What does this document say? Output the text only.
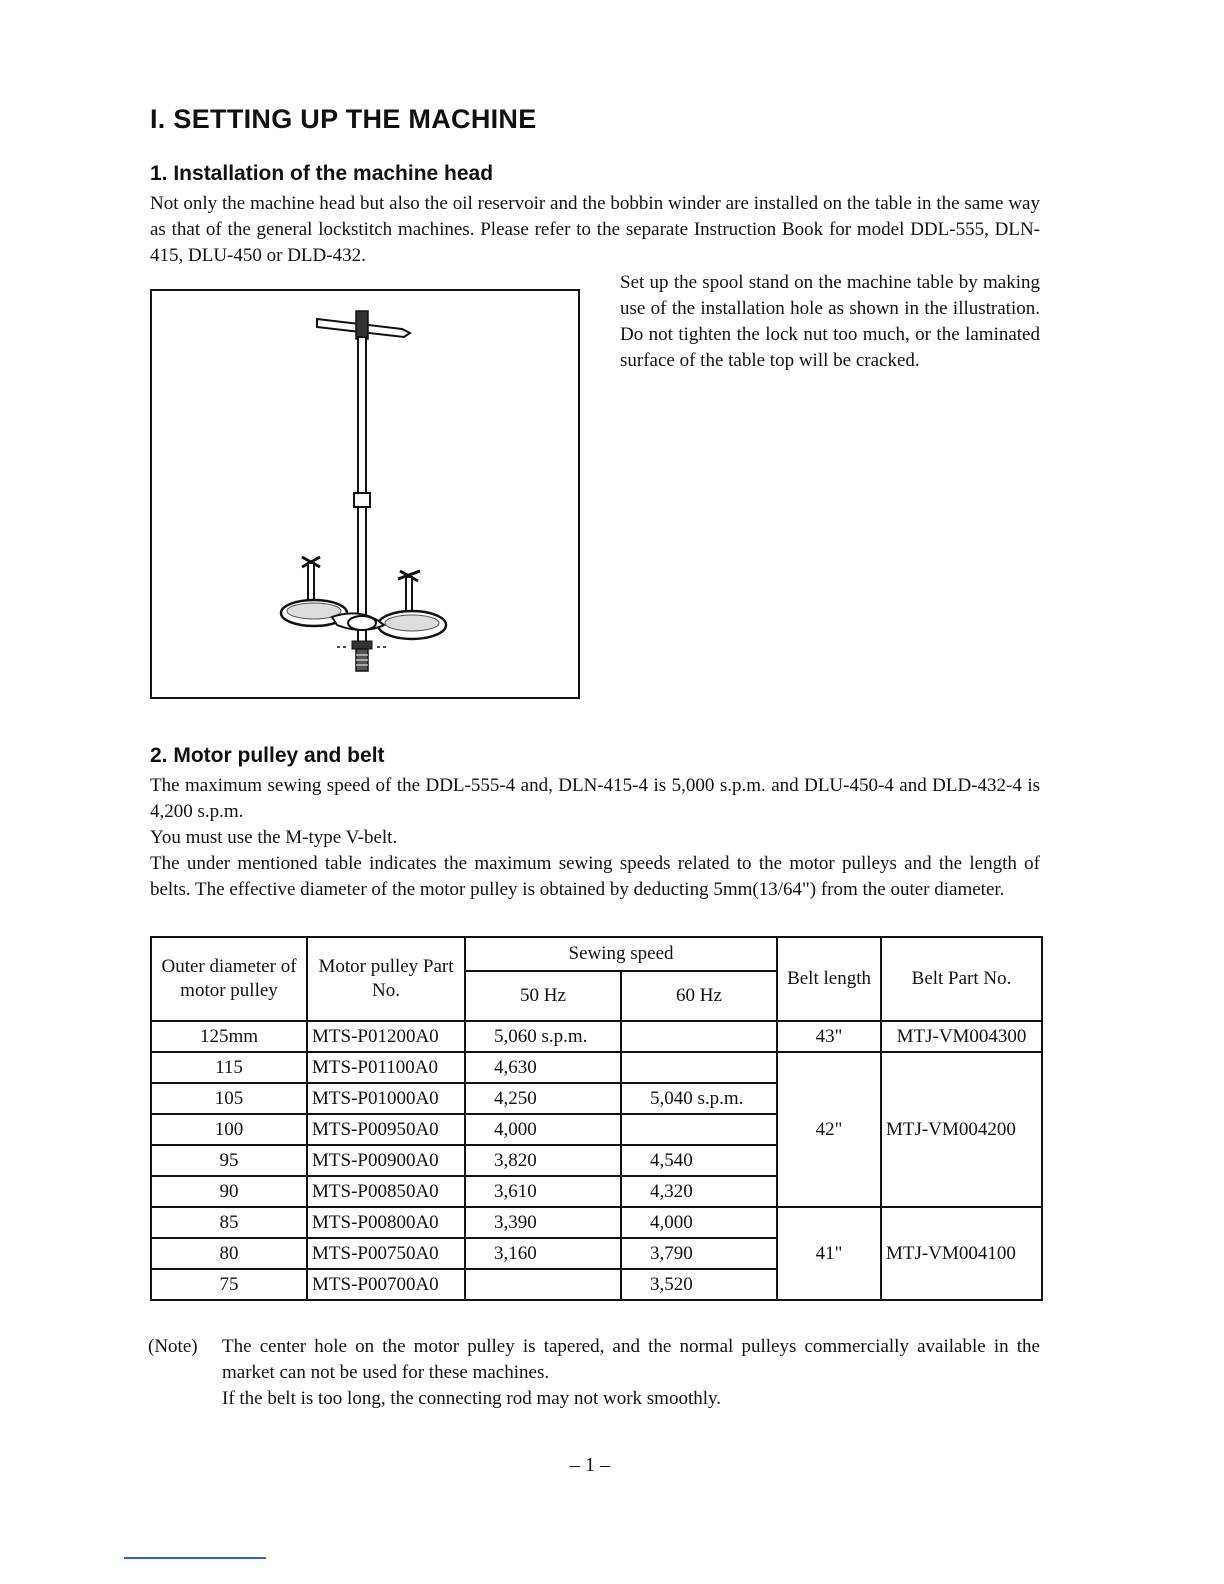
I. SETTING UP THE MACHINE
1. Installation of the machine head

Not only the machine head but also the oil reservoir and the bobbin winder are installed on the table in the same way as that of the general lockstitch machines. Please refer to the separate Instruction Book for model DDL-555, DLN-415, DLU-450 or DLD-432.

Set up the spool stand on the machine table by making use of the installation hole as shown in the illustration. Do not tighten the lock nut too much, or the laminated surface of the table top will be cracked.
2. Motor pulley and belt

The maximum sewing speed of the DDL-555-4 and, DLN-415-4 is 5,000 s.p.m. and DLU-450-4 and DLD-432-4 is 4,200 s.p.m.

You must use the M-type V-belt.

The under mentioned table indicates the maximum sewing speeds related to the motor pulleys and the length of belts. The effective diameter of the motor pulley is obtained by deducting 5mm(13/64") from the outer diameter.

Outer diameter of motor pulley	Motor pulley Part No.	Sewing speed		Belt length	Belt Part No.
		50 Hz	60 Hz		
125mm	MTS-P01200A0	5,060 s.p.m.		43"	MTJ-VM004300
115	MTS-P01100A0	4,630		42"	MTJ-VM004200
105	MTS-P01000A0	4,250	5,040 s.p.m.		
100	MTS-P00950A0	4,000			
95	MTS-P00900A0	3,820	4,540		
90	MTS-P00850A0	3,610	4,320		
85	MTS-P00800A0	3,390	4,000	41"	MTJ-VM004100
80	MTS-P00750A0	3,160	3,790		
75	MTS-P00700A0		3,520		
(Note) The center hole on the motor pulley is tapered, and the normal pulleys commercially available in the market can not be used for these machines.

If the belt is too long, the connecting rod may not work smoothly.

– 1 –
